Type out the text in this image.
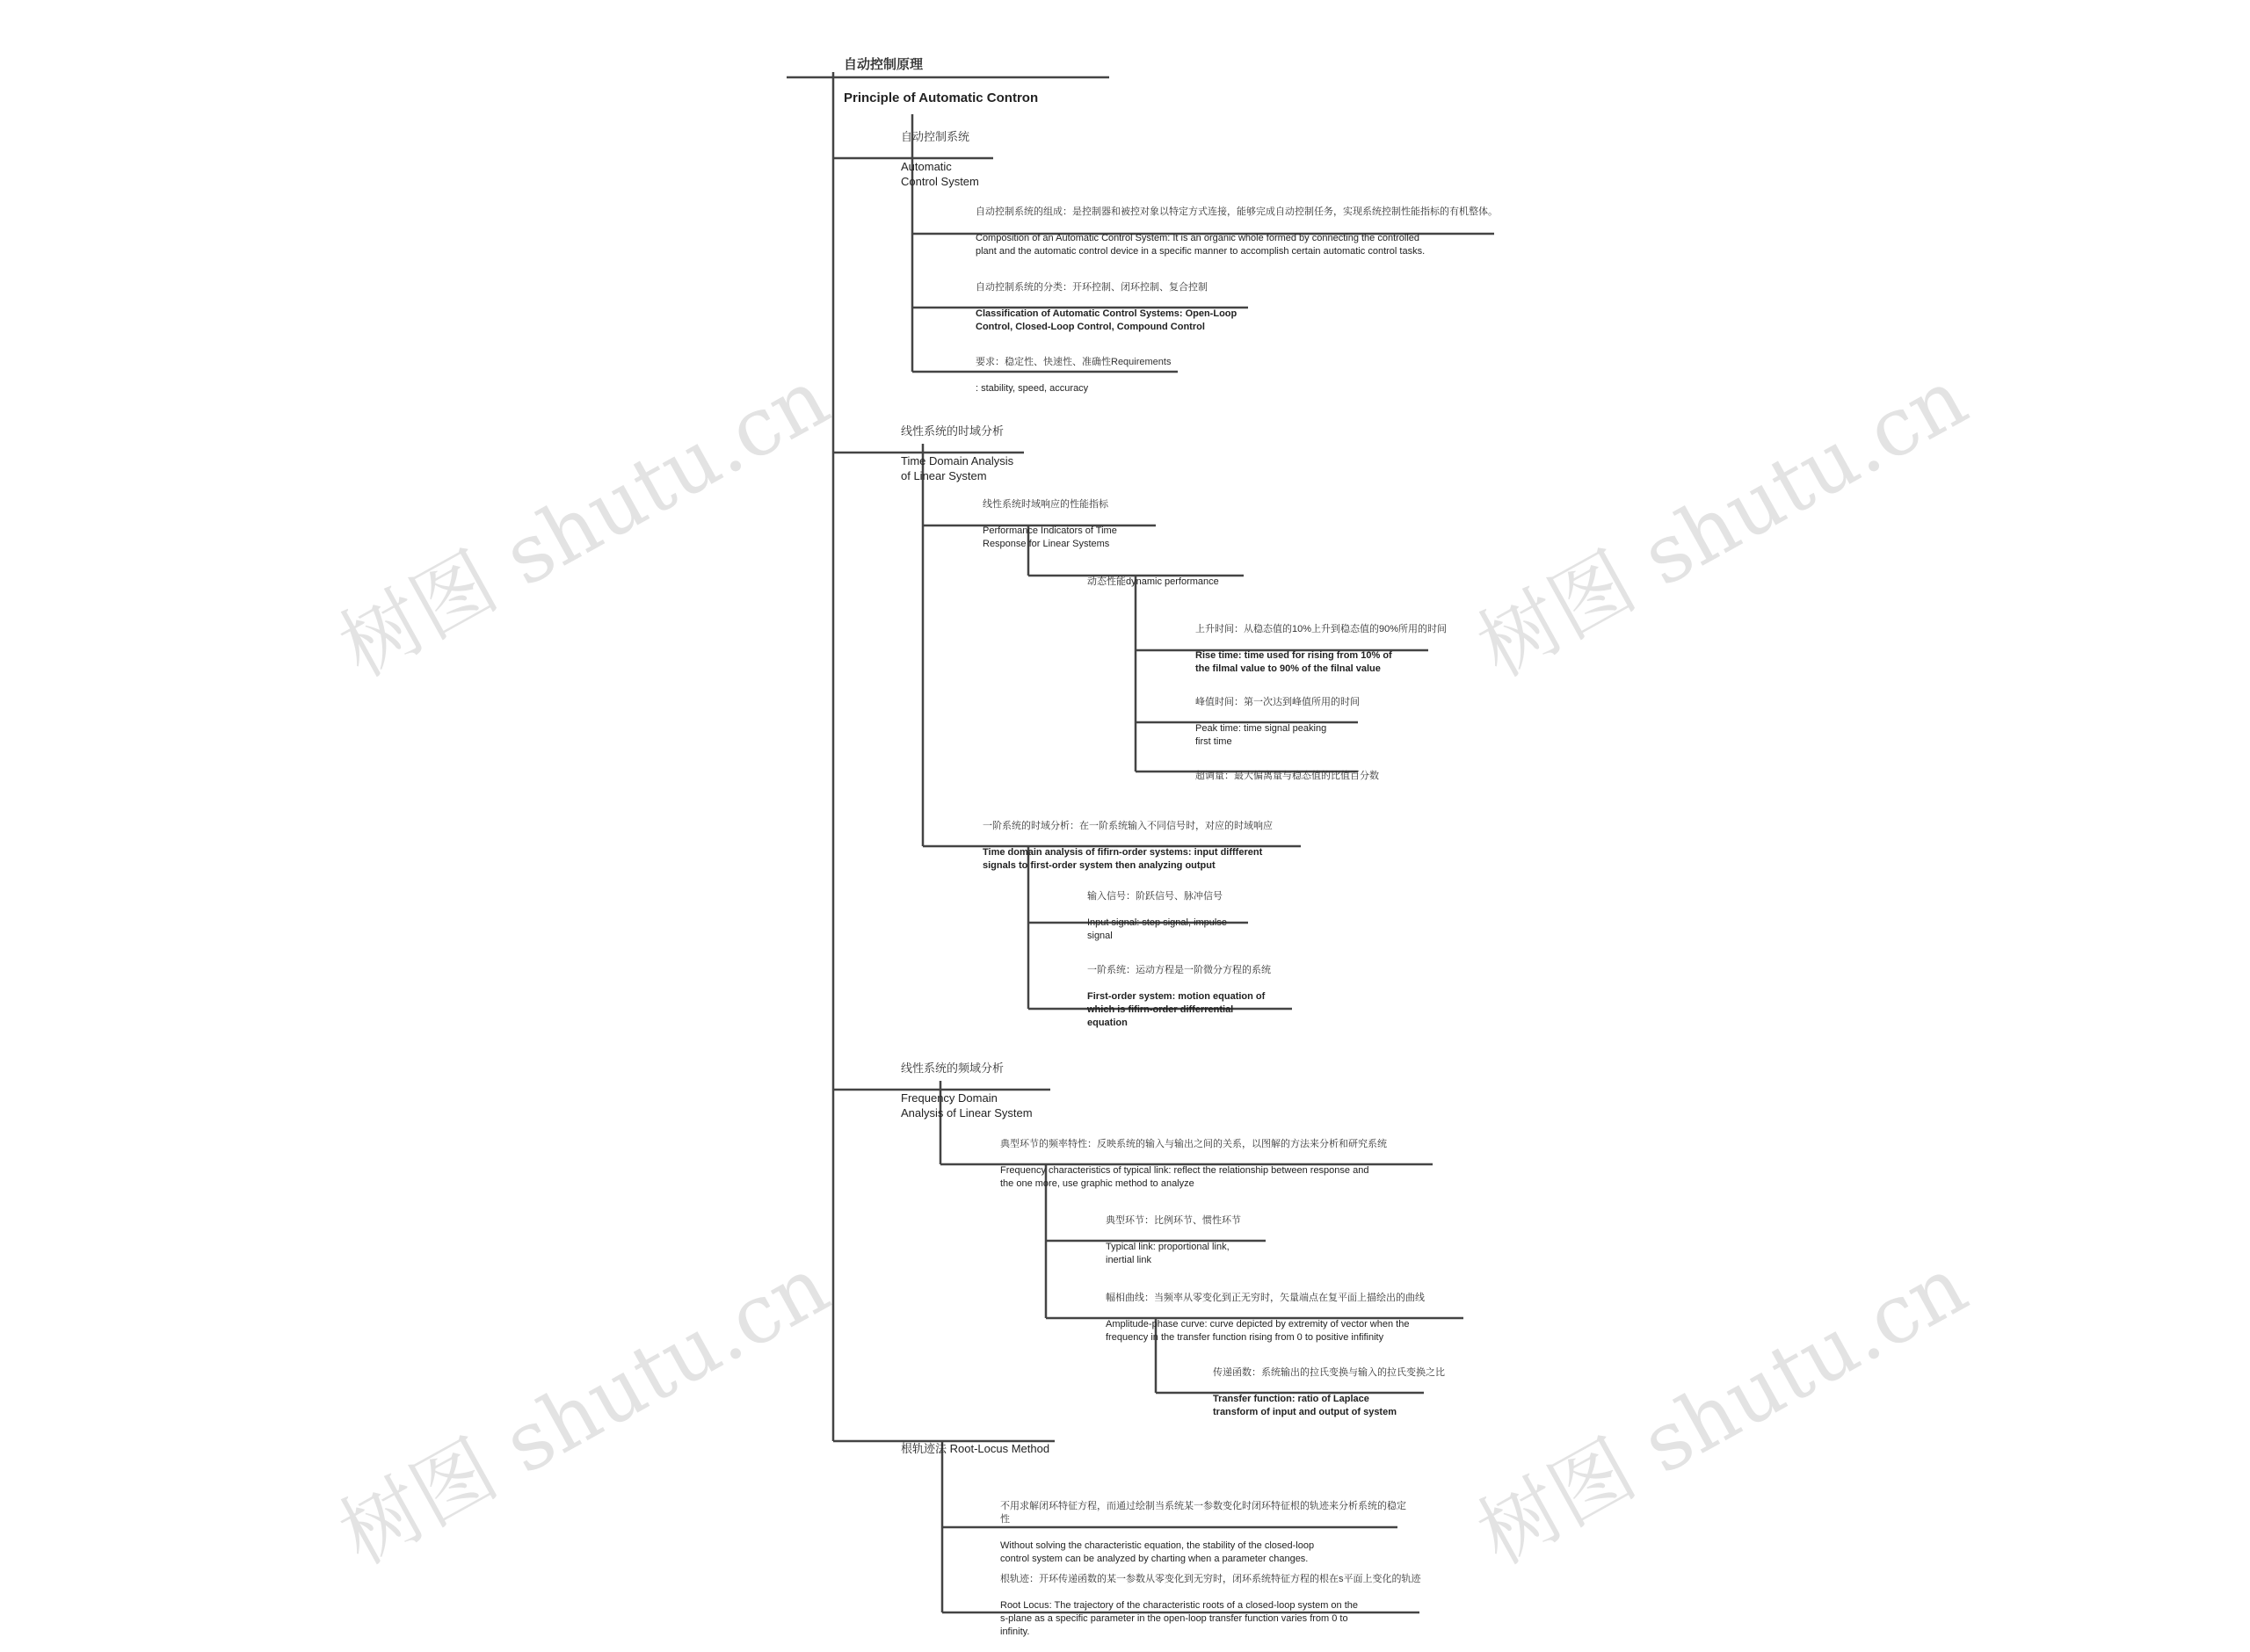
自动控制原理

Principle of Automatic Contron

自动控制系统

Automatic
Control System

自动控制系统的组成：是控制器和被控对象以特定方式连接，能够完成自动控制任务，实现系统控制性能指标的有机整体。

Composition of an Automatic Control System: It is an organic whole formed by connecting the controlled
plant and the automatic control device in a specific manner to accomplish certain automatic control tasks.

自动控制系统的分类：开环控制、闭环控制、复合控制

Classification of Automatic Control Systems: Open-Loop
Control, Closed-Loop Control, Compound Control

要求：稳定性、快速性、准确性Requirements

: stability, speed, accuracy

线性系统的时域分析

Time Domain Analysis
of Linear System

线性系统时域响应的性能指标

Performance Indicators of Time
Response for Linear Systems

动态性能dynamic performance

上升时间：从稳态值的10%上升到稳态值的90%所用的时间

Rise time: time used for rising from 10% of
the filmal value to 90% of the filnal value

峰值时间：第一次达到峰值所用的时间

Peak time: time signal peaking
first time

超调量：最大偏离量与稳态值的比值百分数

一阶系统的时域分析：在一阶系统输入不同信号时，对应的时域响应

Time domain analysis of fifirn-order systems: input diffferent
signals to first-order system then analyzing output

输入信号：阶跃信号、脉冲信号

Input signal: step signal, impulse
signal

一阶系统：运动方程是一阶微分方程的系统

First-order system: motion equation of
which is fifirn-order differrential
equation

线性系统的频域分析

Frequency Domain
Analysis of Linear System

典型环节的频率特性：反映系统的输入与输出之间的关系，以图解的方法来分析和研究系统

Frequency characteristics of typical link: reflect the relationship between response and
the one more, use graphic method to analyze

典型环节：比例环节、惯性环节

Typical link: proportional link,
inertial link

幅相曲线：当频率从零变化到正无穷时，矢量端点在复平面上描绘出的曲线

Amplitude-phase curve: curve depicted by extremity of vector when the
frequency in the transfer function rising from 0 to positive infifinity

传递函数：系统输出的拉氏变换与输入的拉氏变换之比

Transfer function: ratio of Laplace
transform of input and output of system

根轨迹法 Root-Locus Method

不用求解闭环特征方程，而通过绘制当系统某一参数变化时闭环特征根的轨迹来分析系统的稳定性

Without solving the characteristic equation, the stability of the closed-loop
control system can be analyzed by charting when a parameter changes.

根轨迹：开环传递函数的某一参数从零变化到无穷时，闭环系统特征方程的根在s平面上变化的轨迹

Root Locus: The trajectory of the characteristic roots of a closed-loop system on the
s-plane as a specific parameter in the open-loop transfer function varies from 0 to
infinity.

树图 shutu.cn	树图 shutu.cn
树图 shutu.cn	树图 shutu.cn
